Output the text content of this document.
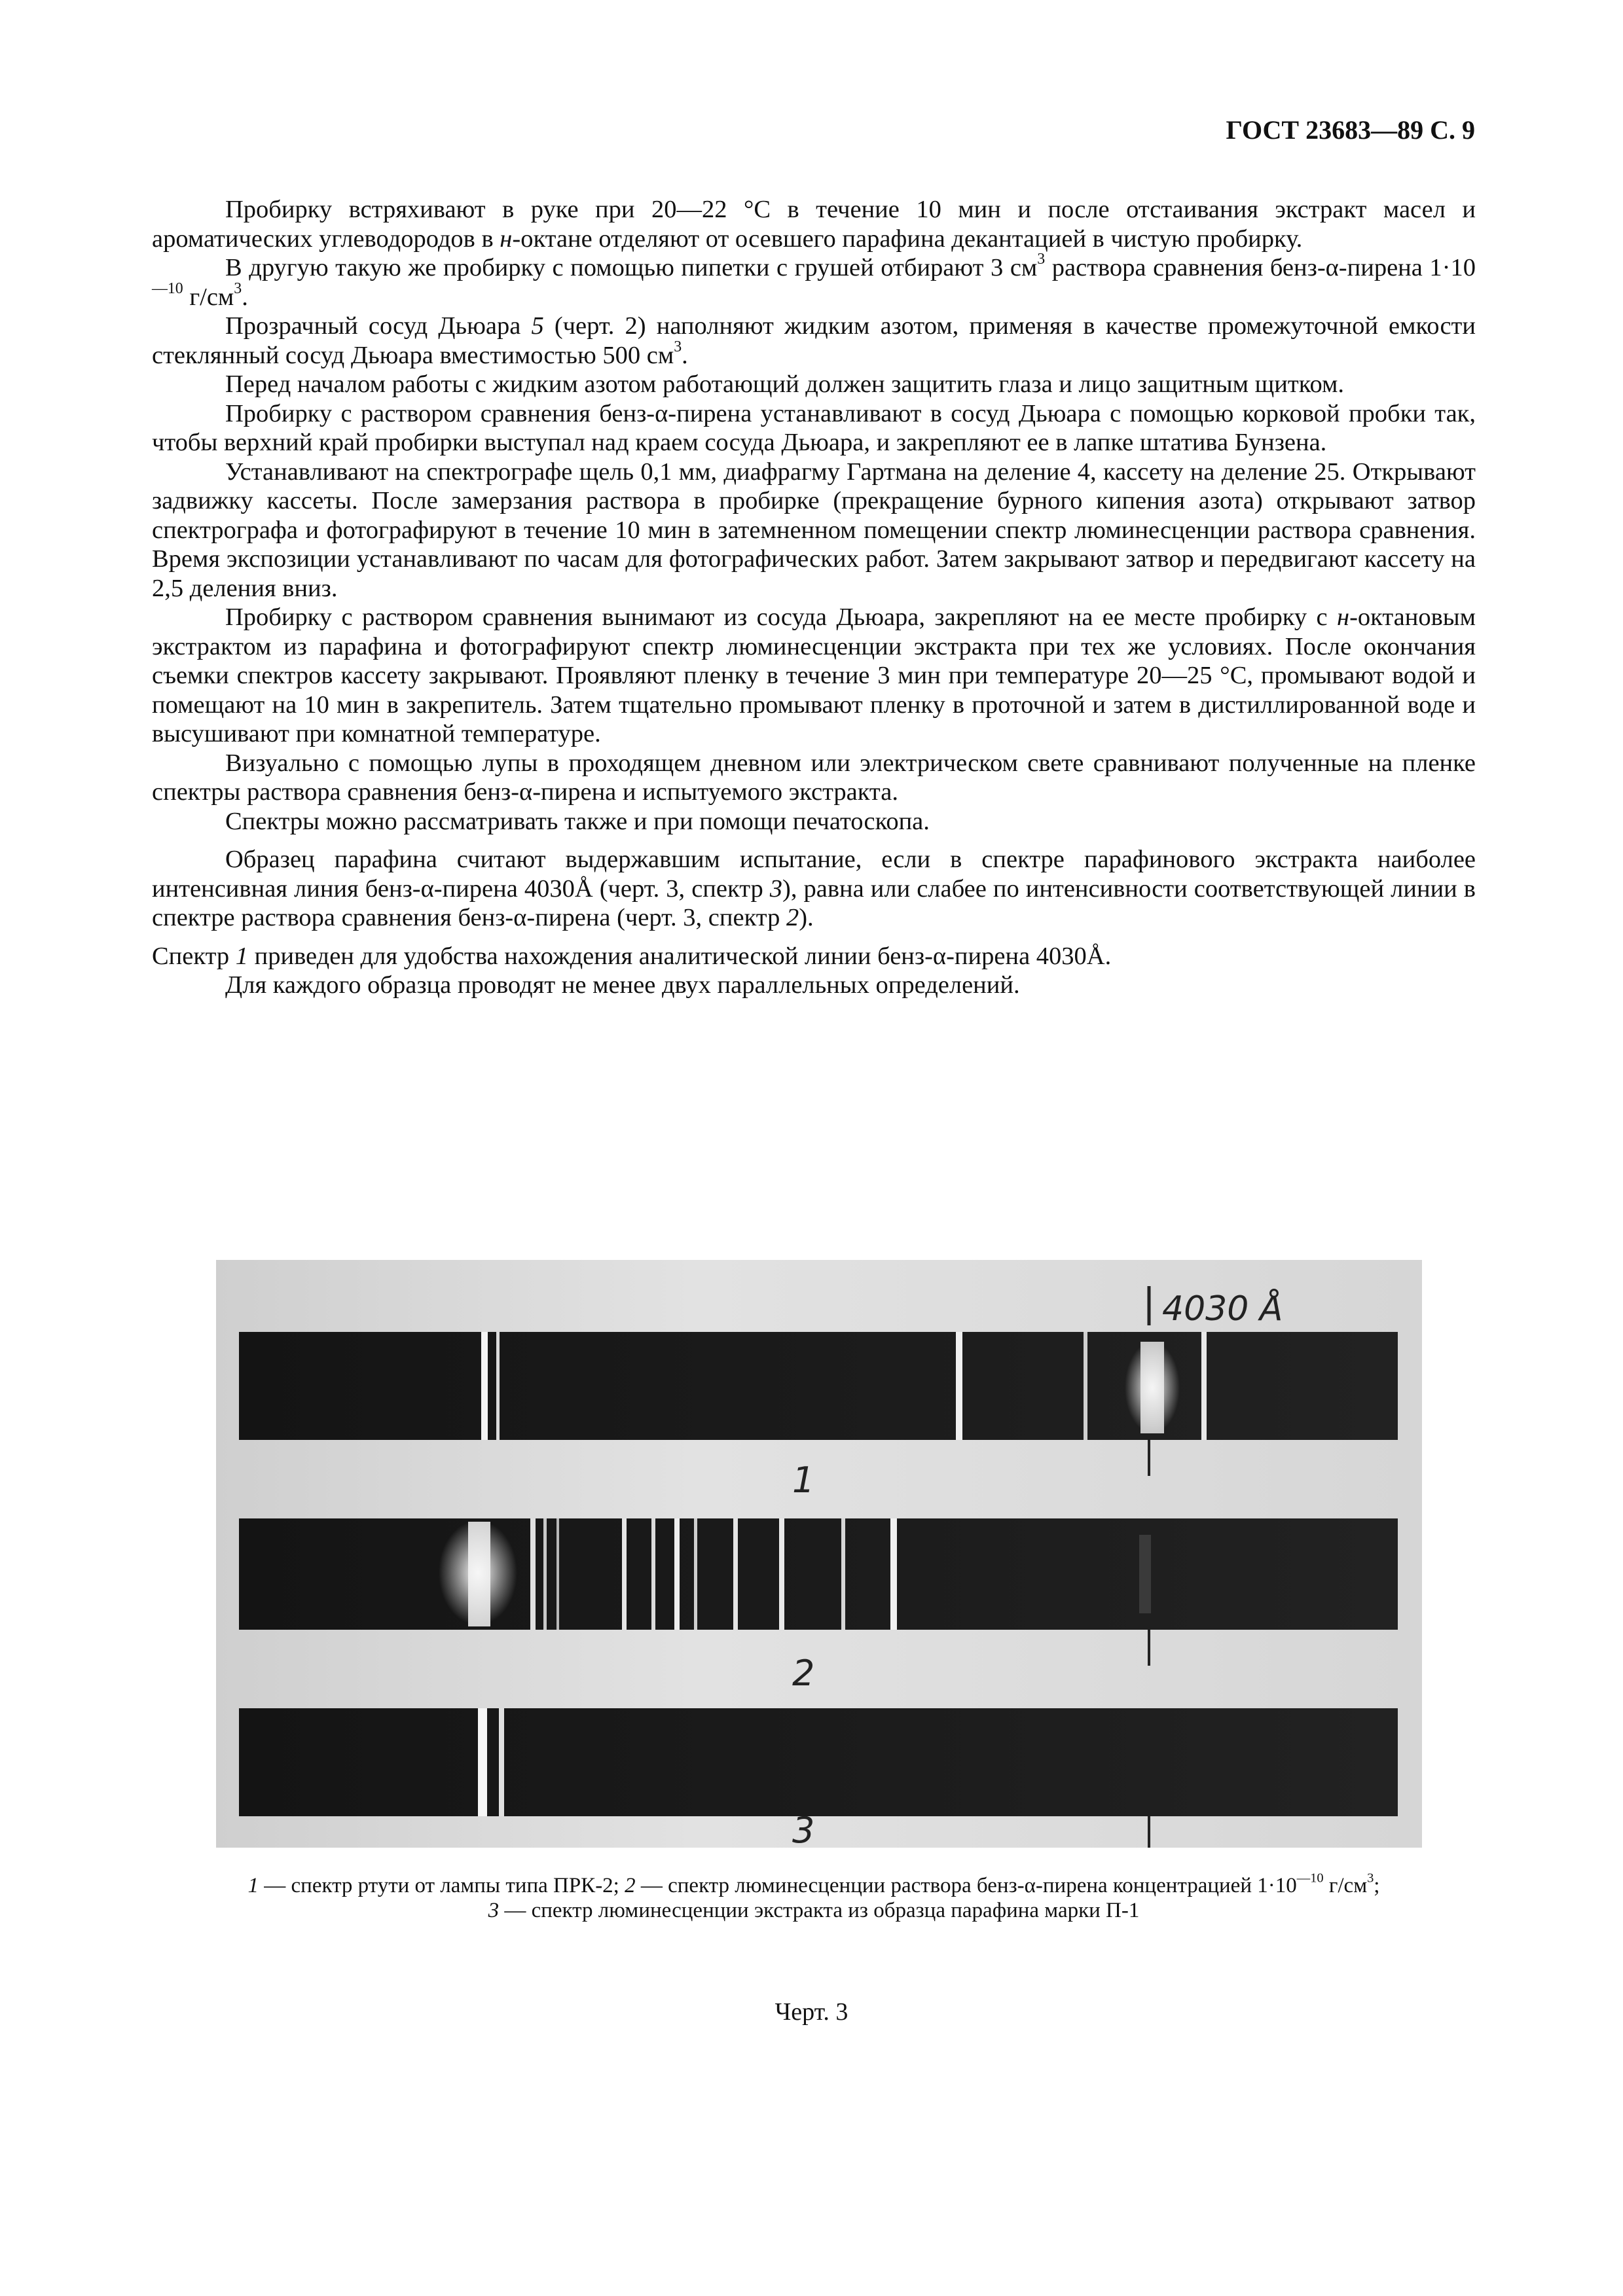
ГОСТ 23683—89 С. 9

Пробирку встряхивают в руке при 20—22 °С в течение 10 мин и после отстаивания экстракт масел и ароматических углеводородов в н-октане отделяют от осевшего парафина декантацией в чистую пробирку.

В другую такую же пробирку с помощью пипетки с грушей отбирают 3 $см^3$ раствора сравнения бенз-α-пирена $1\cdot 10^{—10}$ $г/см^3$.

Прозрачный сосуд Дьюара 5 (черт. 2) наполняют жидким азотом, применяя в качестве промежуточной емкости стеклянный сосуд Дьюара вместимостью 500 $см^3$.

Перед началом работы с жидким азотом работающий должен защитить глаза и лицо защитным щитком.

Пробирку с раствором сравнения бенз-α-пирена устанавливают в сосуд Дьюара с помощью корковой пробки так, чтобы верхний край пробирки выступал над краем сосуда Дьюара, и закрепляют ее в лапке штатива Бунзена.

Устанавливают на спектрографе щель 0,1 мм, диафрагму Гартмана на деление 4, кассету на деление 25. Открывают задвижку кассеты. После замерзания раствора в пробирке (прекращение бурного кипения азота) открывают затвор спектрографа и фотографируют в течение 10 мин в затемненном помещении спектр люминесценции раствора сравнения. Время экспозиции устанавливают по часам для фотографических работ. Затем закрывают затвор и передвигают кассету на 2,5 деления вниз.

Пробирку с раствором сравнения вынимают из сосуда Дьюара, закрепляют на ее месте пробирку с н-октановым экстрактом из парафина и фотографируют спектр люминесценции экстракта при тех же условиях. После окончания съемки спектров кассету закрывают. Проявляют пленку в течение 3 мин при температуре 20—25 °С, промывают водой и помещают на 10 мин в закрепитель. Затем тщательно промывают пленку в проточной и затем в дистиллированной воде и высушивают при комнатной температуре.

Визуально с помощью лупы в проходящем дневном или электрическом свете сравнивают полученные на пленке спектры раствора сравнения бенз-α-пирена и испытуемого экстракта.

Спектры можно рассматривать также и при помощи печатоскопа.

Образец парафина считают выдержавшим испытание, если в спектре парафинового экстракта наиболее интенсивная линия бенз-α-пирена 4030Å (черт. 3, спектр 3), равна или слабее по интенсивности соответствующей линии в спектре раствора сравнения бенз-α-пирена (черт. 3, спектр 2).

Спектр 1 приведен для удобства нахождения аналитической линии бенз-α-пирена 4030Å.

Для каждого образца проводят не менее двух параллельных определений.

4030 Å
1
2
3
1 — спектр ртути от лампы типа ПРК-2; 2 — спектр люминесценции раствора бенз-α-пирена концентрацией $1\cdot 10^{—10}$ $г/см^3$;
3 — спектр люминесценции экстракта из образца парафина марки П-1
Черт. 3
